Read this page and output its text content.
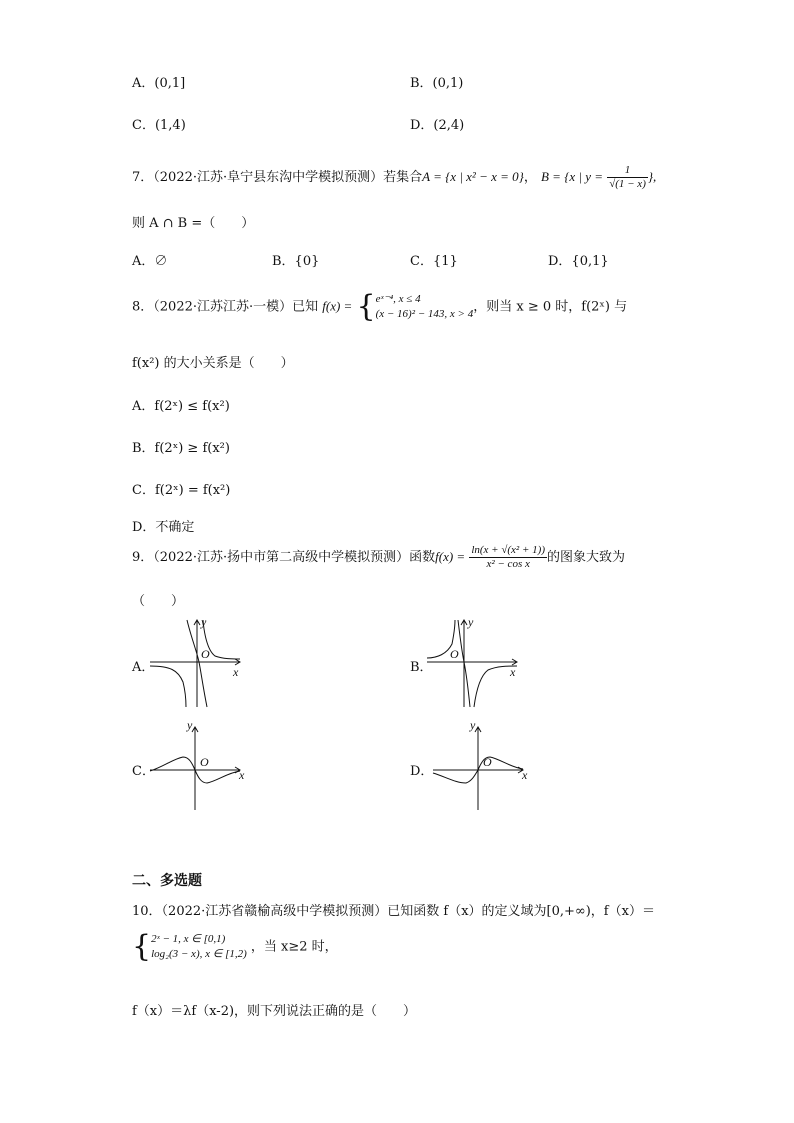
A．(0,1]	B．(0,1)
C．(1,4)	D．(2,4)
7．（2022·江苏·阜宁县东沟中学模拟预测）若集合A = {x | x² − x = 0}， B = {x | $y = \frac{1}{√(1 - x)}$ },
则 A ∩ B =（　　）
A．∅	B．{0}	C．{1}	D．{0,1}
8．（2022·江苏江苏·一模）已知 f(x) = { eˣ⁻⁴, x ≤ 4
(x − 16)² − 143, x > 4 ，则当 x ≥ 0 时，f(2ˣ) 与
f(x²) 的大小关系是（　　）
A．f(2ˣ) ≤ f(x²)
B．f(2ˣ) ≥ f(x²)
C．f(2ˣ) = f(x²)
D．不确定
9．（2022·江苏·扬中市第二高级中学模拟预测）函数$f(x) = \frac{\text{ln(x + √(x² + 1))}}{\text{x² − cos x}}$ 的图象大致为
（　　）
A．
O
x
y
B．
O
x
y
C．
O
x
y
D．
O
x
y
二、多选题
10．（2022·江苏省赣榆高级中学模拟预测）已知函数 f（x）的定义域为[0,+∞)，f（x）＝
{ 2ˣ − 1, x ∈ [0,1)
log₂(3 − x), x ∈ [1,2) ，当 x≥2 时，
f（x）＝λf（x-2)，则下列说法正确的是（　　）
